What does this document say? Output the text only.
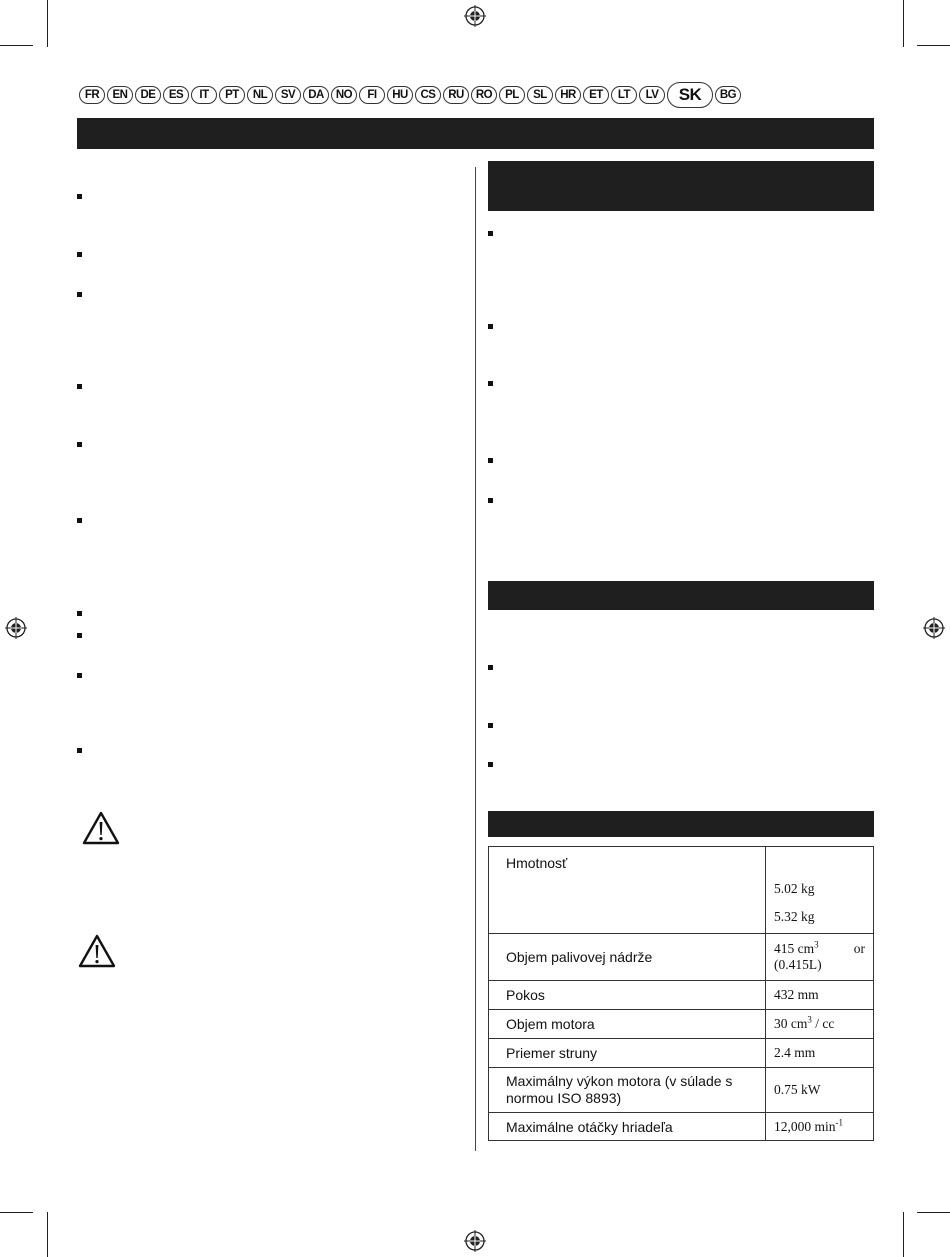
FR	EN	DE	ES	IT	PT	NL	SV	DA	NO	FI	HU	CS	RU	RO	PL	SL	HR	ET	LT	LV	SK	BG
Hmotnosť	5.02 kg
5.32 kg

Objem palivovej nádrže	415 $cm^3$ or
(0.415L)

Pokos	432 mm
Objem motora	30 $cm^3$ / cc
Priemer struny	2.4 mm
Maximálny výkon motora (v súlade s normou ISO 8893)	0.75 kW
Maximálne otáčky hriadeľa	12,000 $\min^{-1}$
